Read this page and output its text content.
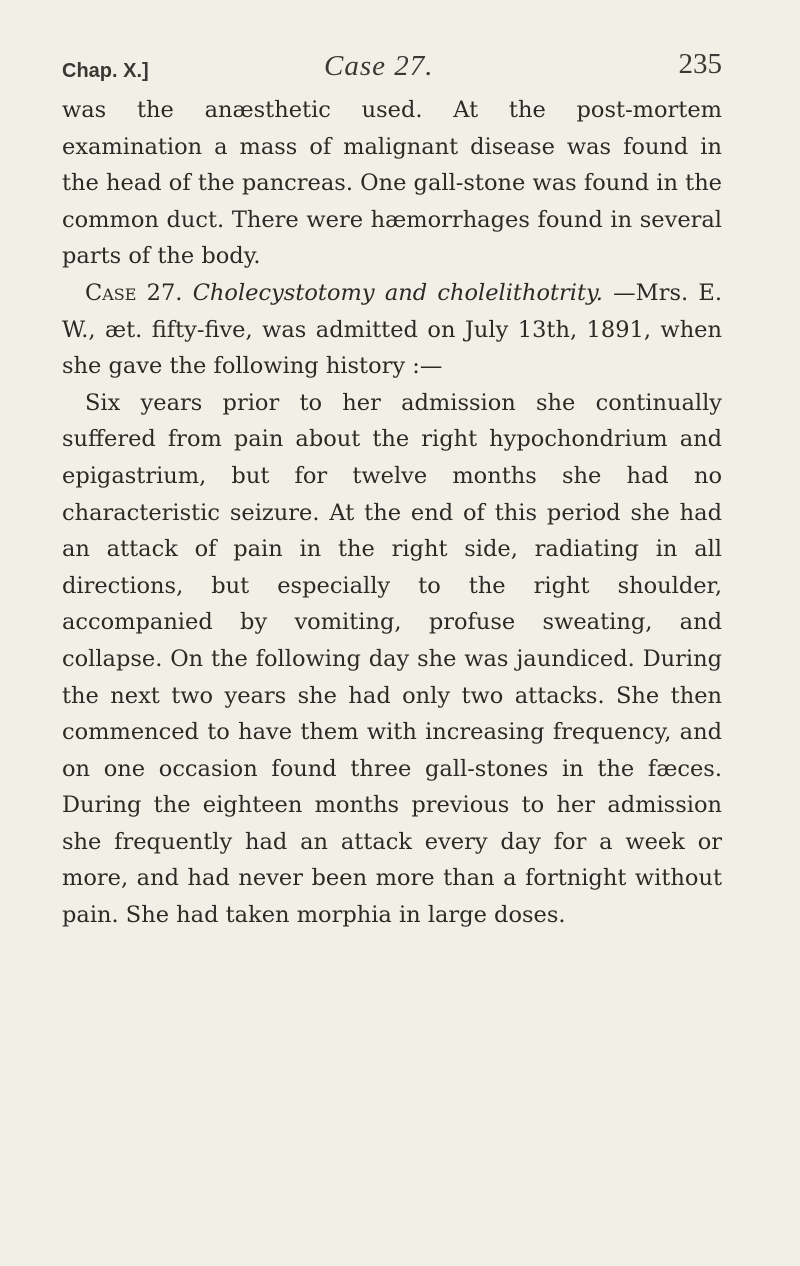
Chap. X.]	Case 27.	235

was the anæsthetic used. At the post-mortem examination a mass of malignant disease was found in the head of the pancreas. One gall-stone was found in the common duct. There were hæmorrhages found in several parts of the body.

Case 27. Cholecystotomy and cholelithotrity. —Mrs. E. W., æt. fifty-five, was admitted on July 13th, 1891, when she gave the following history :—

Six years prior to her admission she continually suffered from pain about the right hypochondrium and epigastrium, but for twelve months she had no characteristic seizure. At the end of this period she had an attack of pain in the right side, radiating in all directions, but especially to the right shoulder, accompanied by vomiting, profuse sweating, and collapse. On the following day she was jaundiced. During the next two years she had only two attacks. She then commenced to have them with increasing frequency, and on one occasion found three gall-stones in the fæces. During the eighteen months previous to her admission she frequently had an attack every day for a week or more, and had never been more than a fortnight without pain. She had taken morphia in large doses.
